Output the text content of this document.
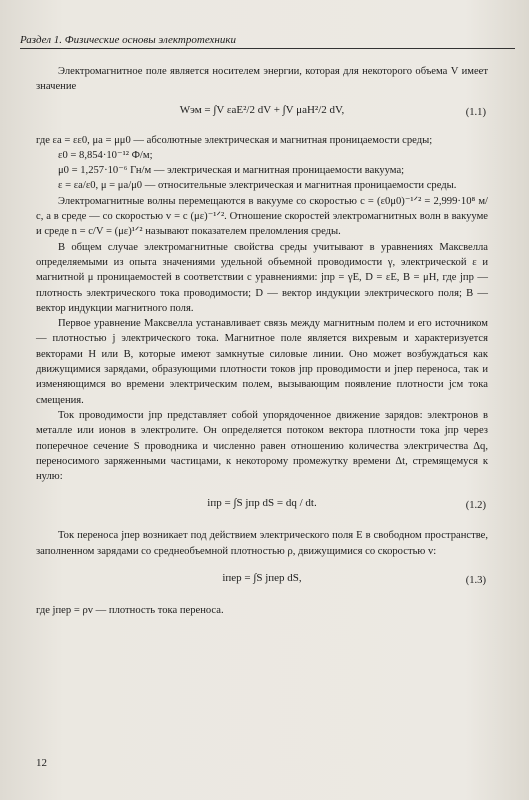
Раздел 1. Физические основы электротехники

Электромагнитное поле является носителем энергии, которая для некоторого объема V имеет значение

Wэм = ∫V εaE²/2 dV + ∫V μaH²/2 dV,	(1.1)

где εa = εε0, μa = μμ0 — абсолютные электрическая и магнитная проницаемости среды;

ε0 = 8,854·10⁻¹² Ф/м;

μ0 = 1,257·10⁻⁶ Гн/м — электрическая и магнитная проницаемости вакуума;

ε = εa/ε0, μ = μa/μ0 — относительные электрическая и магнитная проницаемости среды.

Электромагнитные волны перемещаются в вакууме со скоростью c = (ε0μ0)⁻¹ᐟ² = 2,999·10⁸ м/с, а в среде — со скоростью v = c (με)⁻¹ᐟ². Отношение скоростей электромагнитных волн в вакууме и среде n = c/V = (με)¹ᐟ² называют показателем преломления среды.

В общем случае электромагнитные свойства среды учитывают в уравнениях Максвелла определяемыми из опыта значениями удельной объемной проводимости γ, электрической ε и магнитной μ проницаемостей в соответствии с уравнениями: jпр = γE, D = εE, B = μH, где jпр — плотность электрического тока проводимости; D — вектор индукции электрического поля; B — вектор индукции магнитного поля.

Первое уравнение Максвелла устанавливает связь между магнитным полем и его источником — плотностью j электрического тока. Магнитное поле является вихревым и характеризуется векторами H или B, которые имеют замкнутые силовые линии. Оно может возбуждаться как движущимися зарядами, образующими плотности токов jпр проводимости и jпер переноса, так и изменяющимся во времени электрическим полем, вызывающим появление плотности jсм тока смещения.

Ток проводимости jпр представляет собой упорядоченное движение зарядов: электронов в металле или ионов в электролите. Он определяется потоком вектора плотности тока jпр через поперечное сечение S проводника и численно равен отношению количества электричества Δq, переносимого заряженными частицами, к некоторому промежутку времени Δt, стремящемуся к нулю:

iпр = ∫S jпр dS = dq / dt.	(1.2)

Ток переноса jпер возникает под действием электрического поля E в свободном пространстве, заполненном зарядами со среднеобъемной плотностью ρ, движущимися со скоростью v:

iпер = ∫S jпер dS,	(1.3)

где jпер = ρv — плотность тока переноса.

12
